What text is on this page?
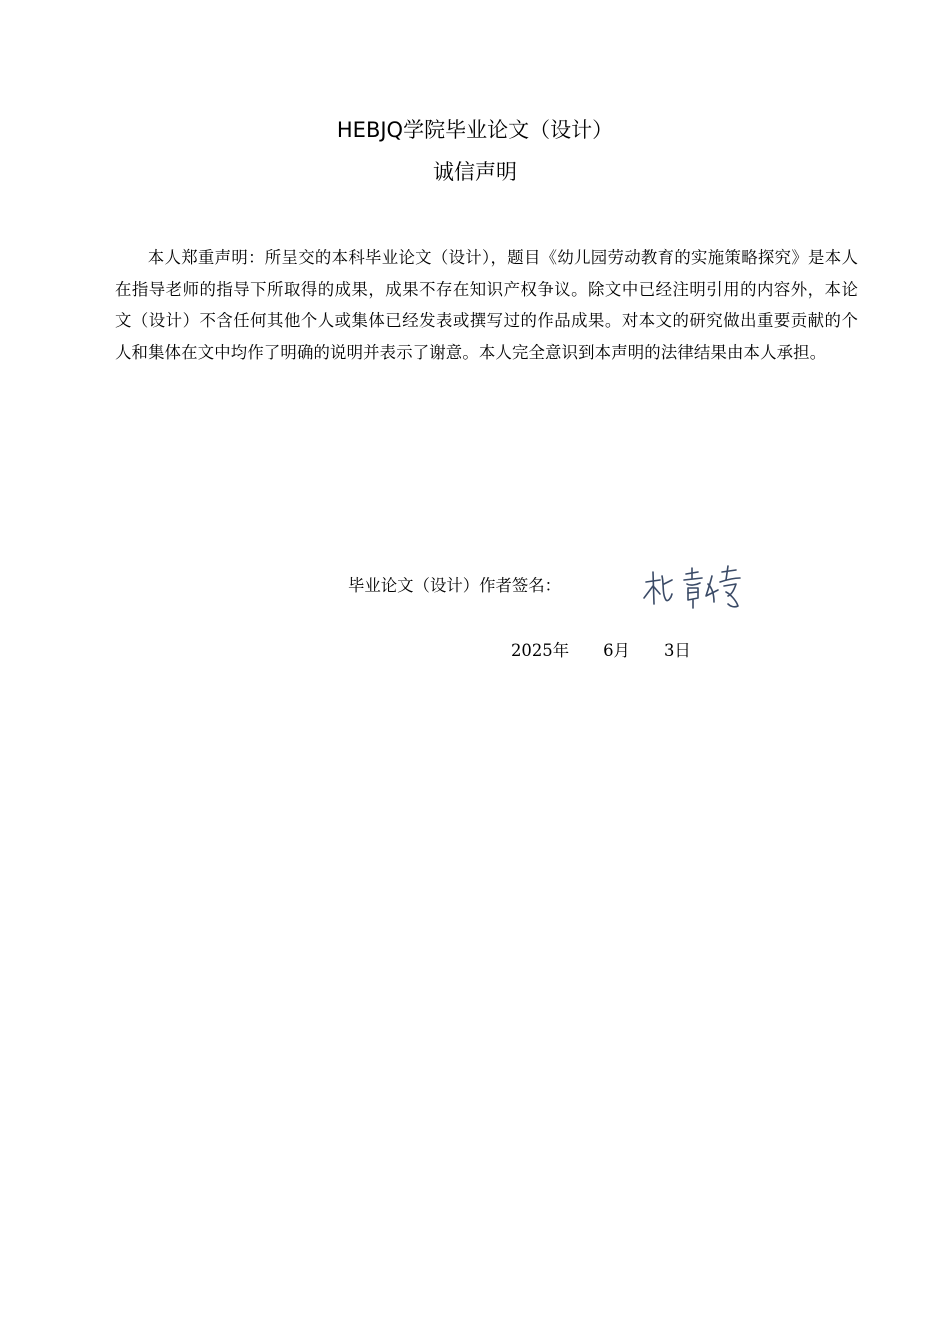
HEBJQ学院毕业论文（设计）
诚信声明

本人郑重声明：所呈交的本科毕业论文（设计），题目《幼儿园劳动教育的实施策略探究》是本人在指导老师的指导下所取得的成果，成果不存在知识产权争议。除文中已经注明引用的内容外，本论文（设计）不含任何其他个人或集体已经发表或撰写过的作品成果。对本文的研究做出重要贡献的个人和集体在文中均作了明确的说明并表示了谢意。本人完全意识到本声明的法律结果由本人承担。

毕业论文（设计）作者签名：
2025年 6月 3日
